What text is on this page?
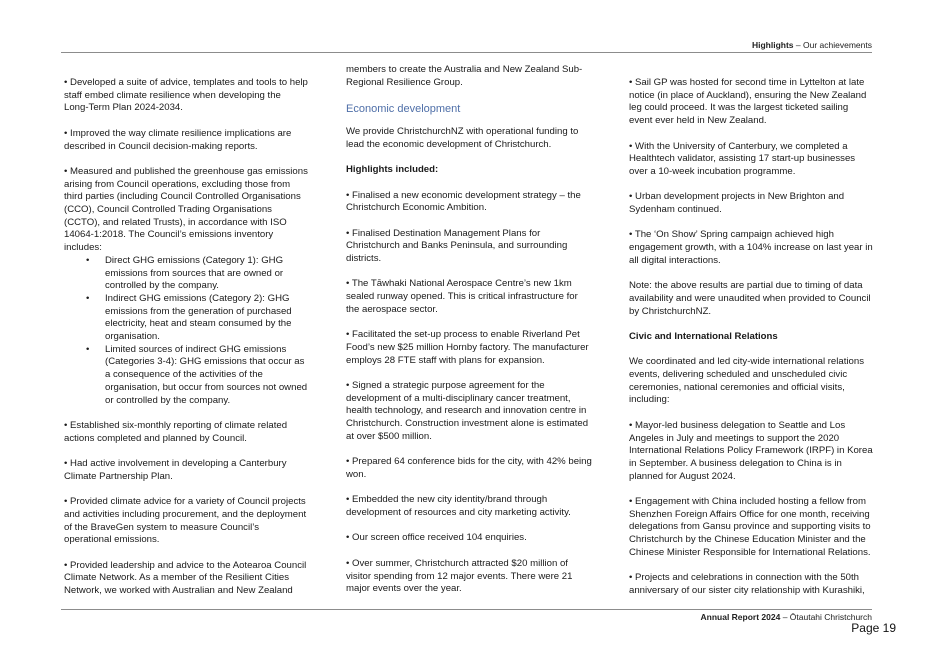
Highlights – Our achievements

• Developed a suite of advice, templates and tools to help staff embed climate resilience when developing the Long-Term Plan 2024-2034.

• Improved the way climate resilience implications are described in Council decision-making reports.

• Measured and published the greenhouse gas emissions arising from Council operations, excluding those from third parties (including Council Controlled Organisations (CCO), Council Controlled Trading Organisations (CCTO), and related Trusts), in accordance with ISO 14064-1:2018. The Council’s emissions inventory includes:

• Direct GHG emissions (Category 1): GHG emissions from sources that are owned or controlled by the company.
• Indirect GHG emissions (Category 2): GHG emissions from the generation of purchased electricity, heat and steam consumed by the organisation.
• Limited sources of indirect GHG emissions (Categories 3-4): GHG emissions that occur as a consequence of the activities of the organisation, but occur from sources not owned or controlled by the company.

• Established six-monthly reporting of climate related actions completed and planned by Council.

• Had active involvement in developing a Canterbury Climate Partnership Plan.

• Provided climate advice for a variety of Council projects and activities including procurement, and the deployment of the BraveGen system to measure Council’s operational emissions.

• Provided leadership and advice to the Aotearoa Council Climate Network. As a member of the Resilient Cities Network, we worked with Australian and New Zealand

members to create the Australia and New Zealand Sub-Regional Resilience Group.

Economic development

We provide ChristchurchNZ with operational funding to lead the economic development of Christchurch.

Highlights included:

• Finalised a new economic development strategy – the Christchurch Economic Ambition.

• Finalised Destination Management Plans for Christchurch and Banks Peninsula, and surrounding districts.

• The Tāwhaki National Aerospace Centre’s new 1km sealed runway opened. This is critical infrastructure for the aerospace sector.

• Facilitated the set-up process to enable Riverland Pet Food’s new $25 million Hornby factory. The manufacturer employs 28 FTE staff with plans for expansion.

• Signed a strategic purpose agreement for the development of a multi-disciplinary cancer treatment, health technology, and research and innovation centre in Christchurch. Construction investment alone is estimated at over $500 million.

• Prepared 64 conference bids for the city, with 42% being won.

• Embedded the new city identity/brand through development of resources and city marketing activity.

• Our screen office received 104 enquiries.

• Over summer, Christchurch attracted $20 million of visitor spending from 12 major events. There were 21 major events over the year.

• Sail GP was hosted for second time in Lyttelton at late notice (in place of Auckland), ensuring the New Zealand leg could proceed. It was the largest ticketed sailing event ever held in New Zealand.

• With the University of Canterbury, we completed a Healthtech validator, assisting 17 start-up businesses over a 10-week incubation programme.

• Urban development projects in New Brighton and Sydenham continued.

• The ‘On Show’ Spring campaign achieved high engagement growth, with a 104% increase on last year in all digital interactions.

Note: the above results are partial due to timing of data availability and were unaudited when provided to Council by ChristchurchNZ.

Civic and International Relations

We coordinated and led city-wide international relations events, delivering scheduled and unscheduled civic ceremonies, national ceremonies and official visits, including:

• Mayor-led business delegation to Seattle and Los Angeles in July and meetings to support the 2020 International Relations Policy Framework (IRPF) in Korea in September. A business delegation to China is in planned for August 2024.

• Engagement with China included hosting a fellow from Shenzhen Foreign Affairs Office for one month, receiving delegations from Gansu province and supporting visits to Christchurch by the Chinese Education Minister and the Chinese Minister Responsible for International Relations.

• Projects and celebrations in connection with the 50th anniversary of our sister city relationship with Kurashiki,

Annual Report 2024 – Ōtautahi Christchurch
Page 19
